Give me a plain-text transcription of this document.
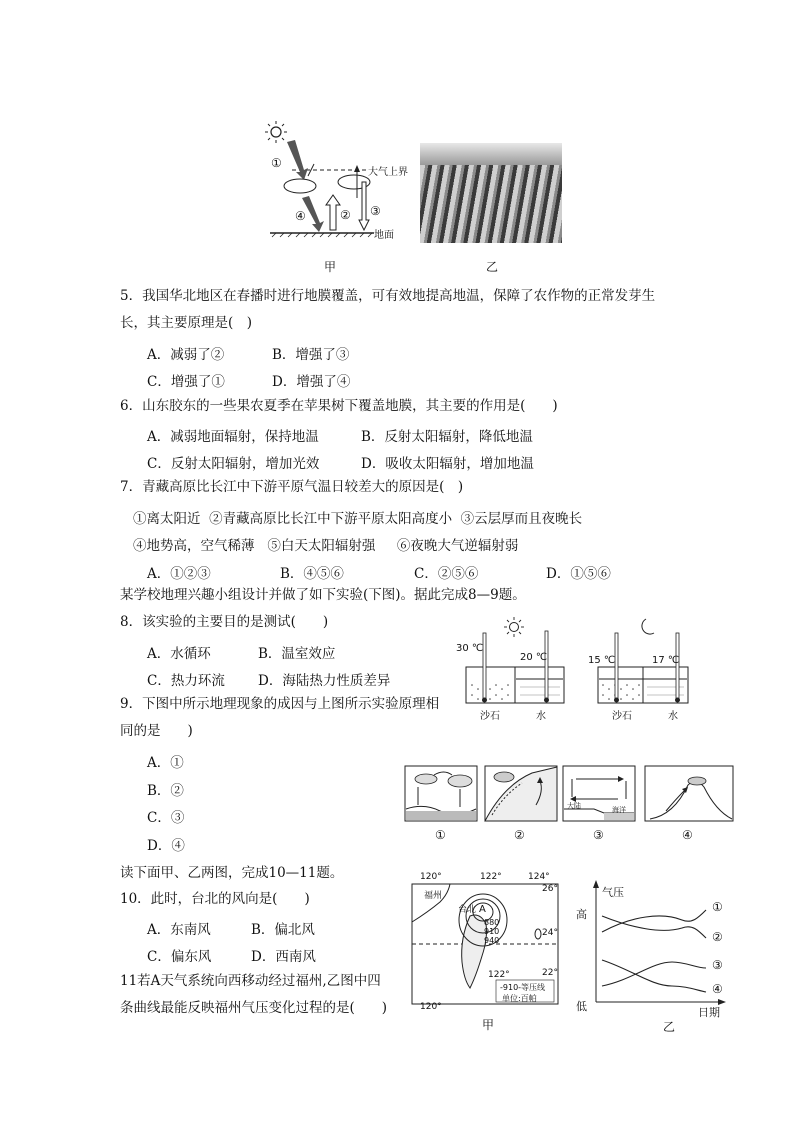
①
④	② ③
大气上界
地面
甲	乙
5．我国华北地区在春播时进行地膜覆盖，可有效地提高地温，保障了农作物的正常发芽生
长，其主要原理是(　)
A．减弱了②	B．增强了③
C．增强了①	D．增强了④
6．山东胶东的一些果农夏季在苹果树下覆盖地膜，其主要的作用是(　　)
A．减弱地面辐射，保持地温	B．反射太阳辐射，降低地温
C．反射太阳辐射，增加光效	D．吸收太阳辐射，增加地温
7．青藏高原比长江中下游平原气温日较差大的原因是(　)
①离太阳近  ②青藏高原比长江中下游平原太阳高度小  ③云层厚而且夜晚长
④地势高，空气稀薄   ⑤白天太阳辐射强     ⑥夜晚大气逆辐射弱
A．①②③	B．④⑤⑥	C．②⑤⑥	D．①⑤⑥
某学校地理兴趣小组设计并做了如下实验(下图)。据此完成8—9题。
8．该实验的主要目的是测试(　　)
A．水循环	B．温室效应
C．热力环流 D．海陆热力性质差异
30 ℃
20 ℃	15 ℃	17 ℃
沙石	水	沙石	水
9．下图中所示地理现象的成因与上图所示实验原理相
同的是　　)
A．①
B．②
C．③
D．④
大陆	海洋
①	②	③	④
读下面甲、乙两图，完成10—11题。
10．此时，台北的风向是(　　)
A．东南风	B．偏北风
C．偏东风	D．西南风
11若A天气系统向西移动经过福州,乙图中四
条曲线最能反映福州气压变化过程的是(　　)
120°	122°	124°
26°
24°
22°
122°
120°
福州
台北 A
880
910
940
-910-等压线
单位:百帕
甲
气压
高
低	日期
①
②
③
④
乙
